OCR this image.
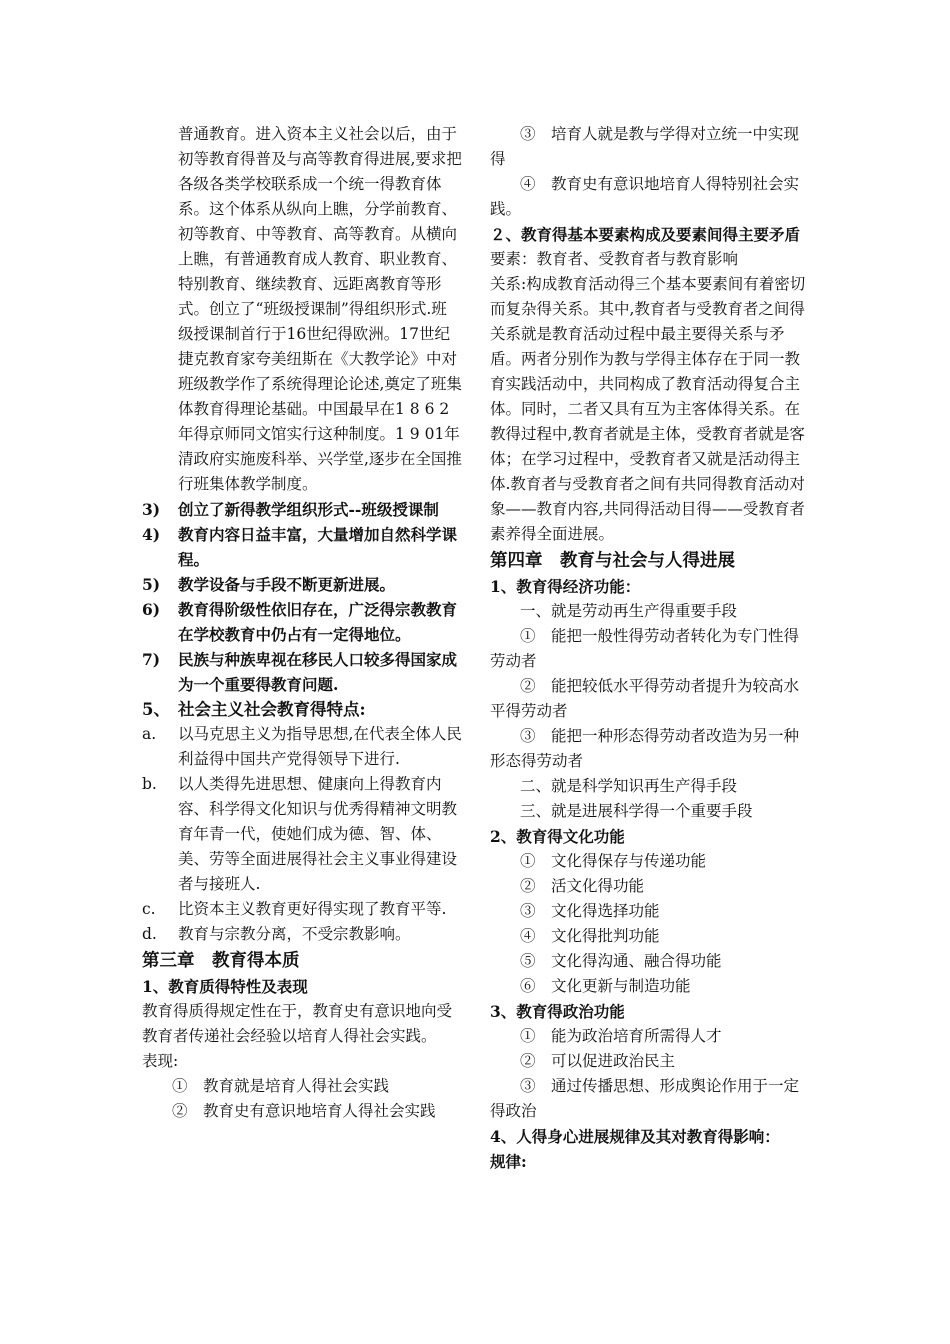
普通教育。进入资本主义社会以后，由于初等教育得普及与高等教育得进展,要求把各级各类学校联系成一个统一得教育体系。这个体系从纵向上瞧，分学前教育、初等教育、中等教育、高等教育。从横向上瞧，有普通教育成人教育、职业教育、特别教育、继续教育、远距离教育等形式。创立了“班级授课制”得组织形式.班级授课制首行于16世纪得欧洲。17世纪捷克教育家夸美纽斯在《大教学论》中对班级教学作了系统得理论论述,奠定了班集体教育得理论基础。中国最早在1 8 6 2年得京师同文馆实行这种制度。1 9 01年清政府实施废科举、兴学堂,逐步在全国推行班集体教学制度。

3)	创立了新得教学组织形式--班级授课制
4)	教育内容日益丰富，大量增加自然科学课程。
5)	教学设备与手段不断更新进展。
6)	教育得阶级性依旧存在，广泛得宗教教育在学校教育中仍占有一定得地位。
7)	民族与种族卑视在移民人口较多得国家成为一个重要得教育问题.
5、 社会主义社会教育得特点:
a.	以马克思主义为指导思想,在代表全体人民利益得中国共产党得领导下进行.
b.	以人类得先进思想、健康向上得教育内容、科学得文化知识与优秀得精神文明教育年青一代，使她们成为德、智、体、美、劳等全面进展得社会主义事业得建设者与接班人.
c.	比资本主义教育更好得实现了教育平等.
d.	教育与宗教分离，不受宗教影响。

第三章　教育得本质

1、教育质得特性及表现

教育得质得规定性在于，教育史有意识地向受教育者传递社会经验以培育人得社会实践。

表现:

①　教育就是培育人得社会实践

②　教育史有意识地培育人得社会实践

③　培育人就是教与学得对立统一中实现得

④　教育史有意识地培育人得特别社会实践。

２、教育得基本要素构成及要素间得主要矛盾

要素：教育者、受教育者与教育影响

关系:构成教育活动得三个基本要素间有着密切而复杂得关系。其中,教育者与受教育者之间得关系就是教育活动过程中最主要得关系与矛盾。两者分别作为教与学得主体存在于同一教育实践活动中，共同构成了教育活动得复合主体。同时，二者又具有互为主客体得关系。在教得过程中,教育者就是主体，受教育者就是客体；在学习过程中，受教育者又就是活动得主体.教育者与受教育者之间有共同得教育活动对象——教育内容,共同得活动目得——受教育者素养得全面进展。

第四章　教育与社会与人得进展

1、教育得经济功能：

一、就是劳动再生产得重要手段

①　能把一般性得劳动者转化为专门性得劳动者

②　能把较低水平得劳动者提升为较高水平得劳动者

③　能把一种形态得劳动者改造为另一种形态得劳动者

二、就是科学知识再生产得手段

三、就是进展科学得一个重要手段

2、教育得文化功能

①　文化得保存与传递功能

②　活文化得功能

③　文化得选择功能

④　文化得批判功能

⑤　文化得沟通、融合得功能

⑥　文化更新与制造功能

3、教育得政治功能

①　能为政治培育所需得人才

②　可以促进政治民主

③　通过传播思想、形成舆论作用于一定得政治

4、人得身心进展规律及其对教育得影响：

规律:
